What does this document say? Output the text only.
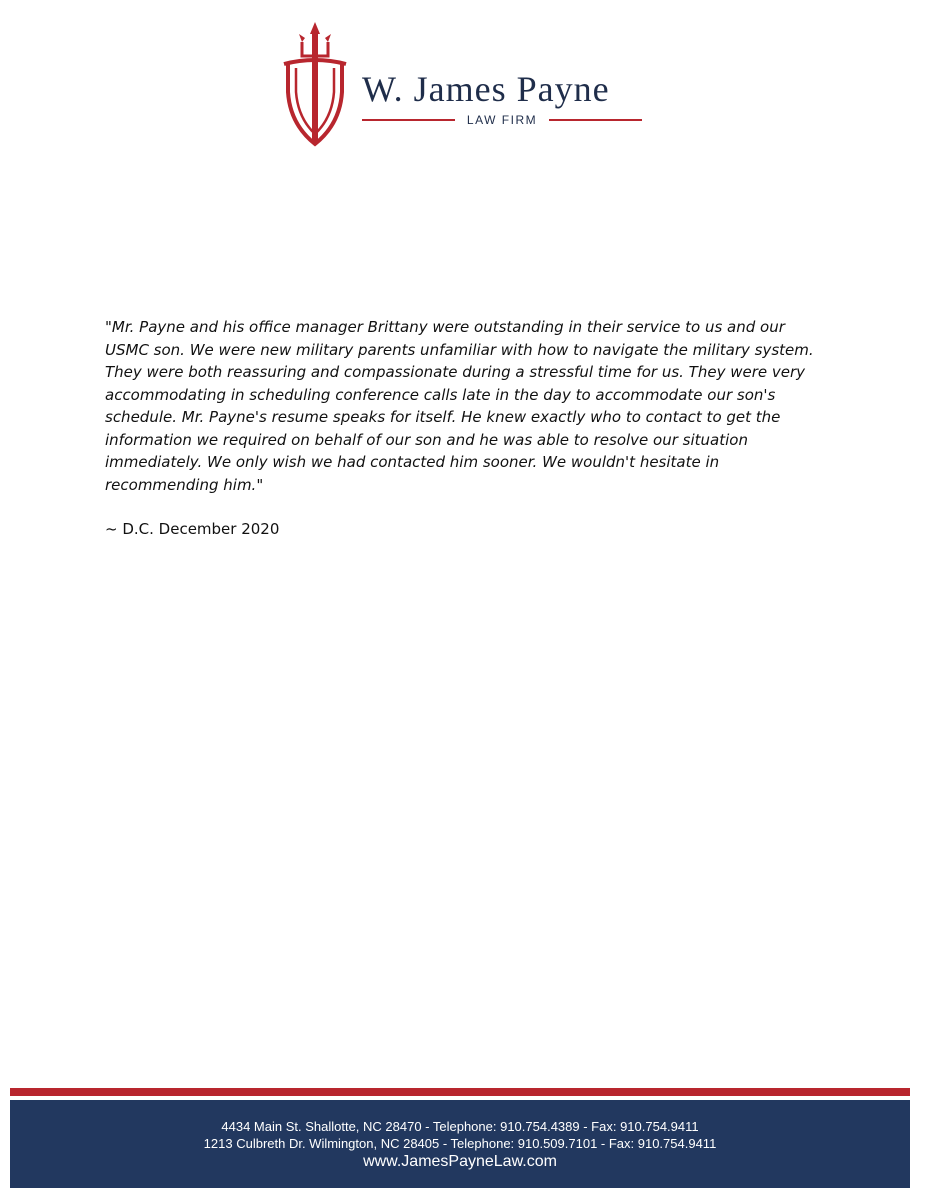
W. James Payne
LAW FIRM

"Mr. Payne and his office manager Brittany were outstanding in their service to us and our USMC son. We were new military parents unfamiliar with how to navigate the military system. They were both reassuring and compassionate during a stressful time for us. They were very accommodating in scheduling conference calls late in the day to accommodate our son's schedule. Mr. Payne's resume speaks for itself. He knew exactly who to contact to get the information we required on behalf of our son and he was able to resolve our situation immediately. We only wish we had contacted him sooner. We wouldn't hesitate in recommending him."

~ D.C. December 2020
4434 Main St. Shallotte, NC 28470 - Telephone: 910.754.4389 - Fax: 910.754.9411
1213 Culbreth Dr. Wilmington, NC 28405 - Telephone: 910.509.7101 - Fax: 910.754.9411
www.JamesPayneLaw.com
